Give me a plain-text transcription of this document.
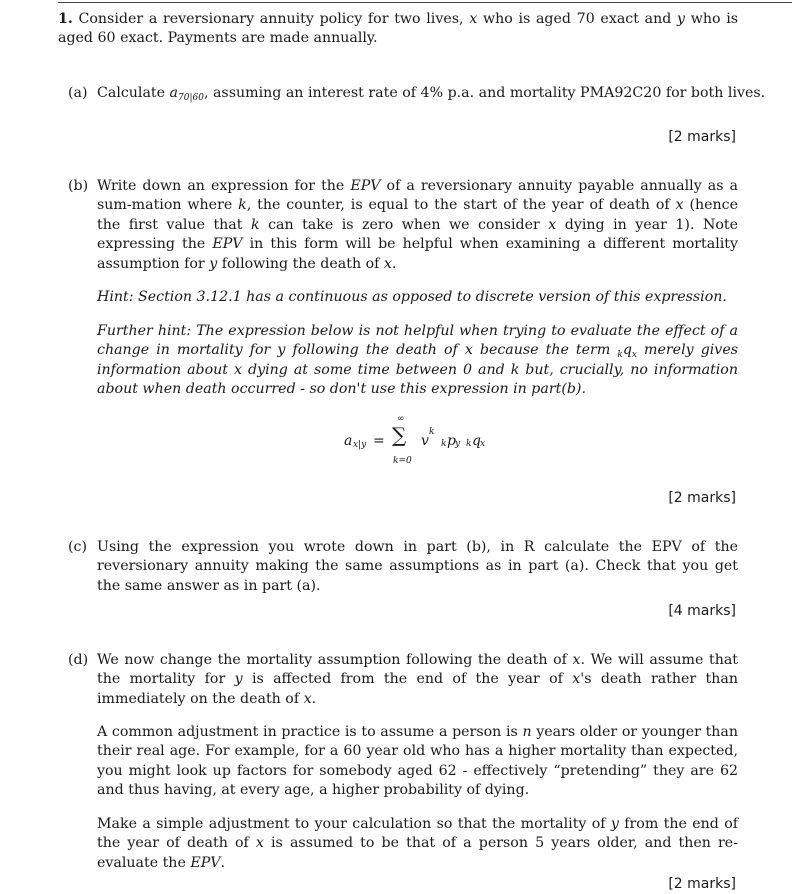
1. Consider a reversionary annuity policy for two lives, x who is aged 70 exact and y who is aged 60 exact. Payments are made annually.
(a) Calculate $a_{70|60}$, assuming an interest rate of 4% p.a. and mortality PMA92C20 for both lives.
[2 marks]
(b) Write down an expression for the EPV of a reversionary annuity payable annually as a sum-mation where k, the counter, is equal to the start of the year of death of x (hence the first value that k can take is zero when we consider x dying in year 1). Note expressing the EPV in this form will be helpful when examining a different mortality assumption for y following the death of x.
Hint: Section 3.12.1 has a continuous as opposed to discrete version of this expression.
Further hint: The expression below is not helpful when trying to evaluate the effect of a change in mortality for y following the death of x because the term $_kq_x$ merely gives information about x dying at some time between 0 and k but, crucially, no information about when death occurred - so don't use this expression in part(b).
a x|y = ∑
∞
k=0
v
k
k p y k q x
[2 marks]
(c) Using the expression you wrote down in part (b), in R calculate the EPV of the reversionary annuity making the same assumptions as in part (a). Check that you get the same answer as in part (a).
[4 marks]
(d) We now change the mortality assumption following the death of x. We will assume that the mortality for y is affected from the end of the year of x's death rather than immediately on the death of x.
A common adjustment in practice is to assume a person is n years older or younger than their real age. For example, for a 60 year old who has a higher mortality than expected, you might look up factors for somebody aged 62 - effectively “pretending” they are 62 and thus having, at every age, a higher probability of dying.
Make a simple adjustment to your calculation so that the mortality of y from the end of the year of death of x is assumed to be that of a person 5 years older, and then re-evaluate the EPV.
[2 marks]
